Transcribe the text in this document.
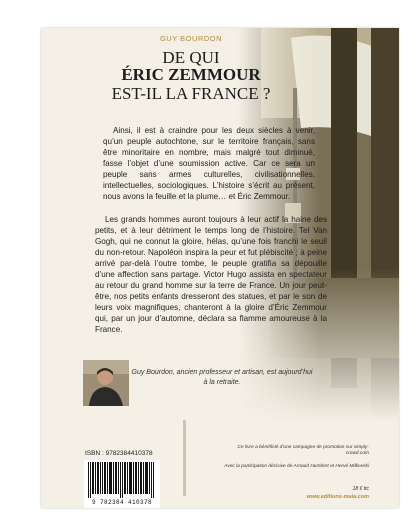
GUY BOURDON
DE QUI
ÉRIC ZEMMOUR
EST-IL LA FRANCE ?
Ainsi, il est à craindre pour les deux siècles à venir, qu’un peuple autochtone, sur le territoire français, sans être minoritaire en nombre, mais malgré tout diminué, fasse l’objet d’une soumission active. Car ce sera un peuple sans armes culturelles, civilisationnelles, intellectuelles, sociologiques. L’histoire s’écrit au présent, nous avons la feuille et la plume… et Éric Zemmour.
Les grands hommes auront toujours à leur actif la haine des petits, et à leur détriment le temps long de l’histoire. Tel Van Gogh, qui ne connut la gloire, hélas, qu’une fois franchi le seuil du non-retour. Napoléon inspira la peur et fut plébiscité ; à peine arrivé par-delà l’outre tombe, le peuple gratifia sa dépouille d’une affection sans partage. Victor Hugo assista en spectateur au retour du grand homme sur la terre de France. Un jour peut-être, nos petits enfants dresseront des statues, et par le son de leurs voix magnifiques, chanteront à la gloire d’Éric Zemmour qui, par un jour d’automne, déclara sa flamme amoureuse à la France.
Guy Bourdon, ancien professeur et artisan, est aujourd’hui à la retraite.
ISBN : 9782384410378
9 782384 410378
Ce livre a bénéficié d’une campagne de promotion sur simply-crowd.com
Avec la participation décisive de Arnaud Humbert et Hervé Milkovski
18 € ttc
www.editions-maia.com
